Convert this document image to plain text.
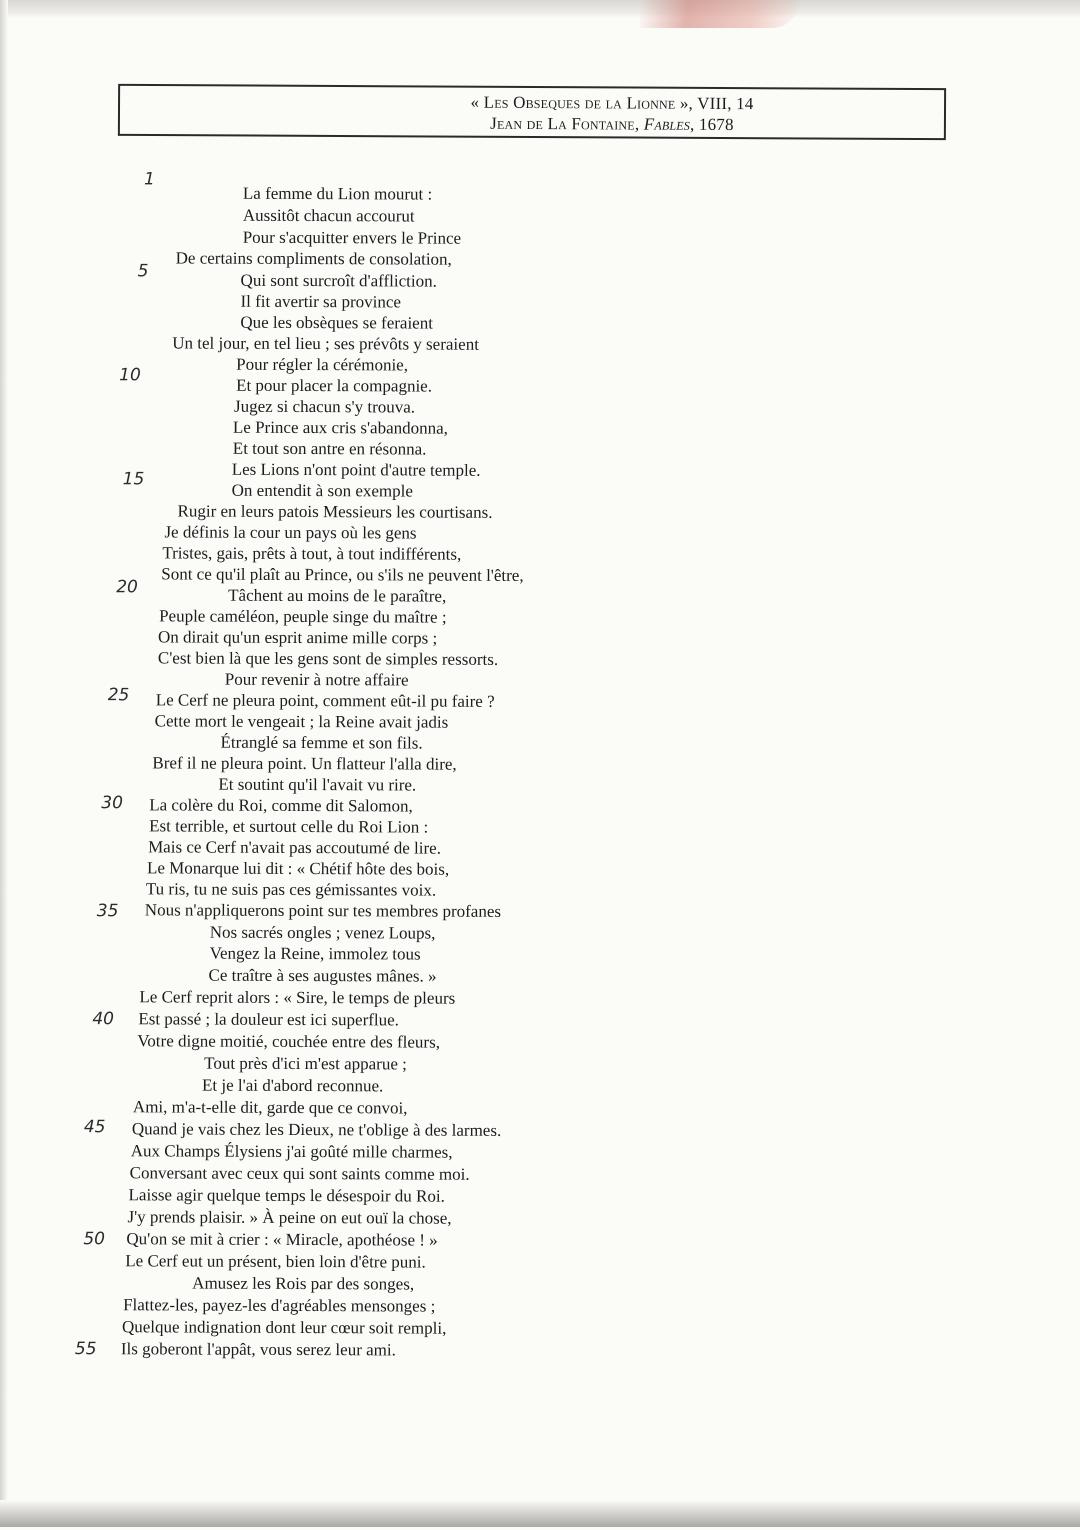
« Les Obseques de la Lionne », VIII, 14
Jean de La Fontaine, Fables, 1678
La femme du Lion mourut :
Aussitôt chacun accourut
Pour s'acquitter envers le Prince
De certains compliments de consolation,
Qui sont surcroît d'affliction.
Il fit avertir sa province
Que les obsèques se feraient
Un tel jour, en tel lieu ; ses prévôts y seraient
Pour régler la cérémonie,
Et pour placer la compagnie.
Jugez si chacun s'y trouva.
Le Prince aux cris s'abandonna,
Et tout son antre en résonna.
Les Lions n'ont point d'autre temple.
On entendit à son exemple
Rugir en leurs patois Messieurs les courtisans.
Je définis la cour un pays où les gens
Tristes, gais, prêts à tout, à tout indifférents,
Sont ce qu'il plaît au Prince, ou s'ils ne peuvent l'être,
Tâchent au moins de le paraître,
Peuple caméléon, peuple singe du maître ;
On dirait qu'un esprit anime mille corps ;
C'est bien là que les gens sont de simples ressorts.
Pour revenir à notre affaire
Le Cerf ne pleura point, comment eût-il pu faire ?
Cette mort le vengeait ; la Reine avait jadis
Étranglé sa femme et son fils.
Bref il ne pleura point. Un flatteur l'alla dire,
Et soutint qu'il l'avait vu rire.
La colère du Roi, comme dit Salomon,
Est terrible, et surtout celle du Roi Lion :
Mais ce Cerf n'avait pas accoutumé de lire.
Le Monarque lui dit : « Chétif hôte des bois,
Tu ris, tu ne suis pas ces gémissantes voix.
Nous n'appliquerons point sur tes membres profanes
Nos sacrés ongles ; venez Loups,
Vengez la Reine, immolez tous
Ce traître à ses augustes mânes. »
Le Cerf reprit alors : « Sire, le temps de pleurs
Est passé ; la douleur est ici superflue.
Votre digne moitié, couchée entre des fleurs,
Tout près d'ici m'est apparue ;
Et je l'ai d'abord reconnue.
Ami, m'a-t-elle dit, garde que ce convoi,
Quand je vais chez les Dieux, ne t'oblige à des larmes.
Aux Champs Élysiens j'ai goûté mille charmes,
Conversant avec ceux qui sont saints comme moi.
Laisse agir quelque temps le désespoir du Roi.
J'y prends plaisir. » À peine on eut ouï la chose,
Qu'on se mit à crier : « Miracle, apothéose ! »
Le Cerf eut un présent, bien loin d'être puni.
Amusez les Rois par des songes,
Flattez-les, payez-les d'agréables mensonges ;
Quelque indignation dont leur cœur soit rempli,
Ils goberont l'appât, vous serez leur ami.
1
5
10
15
20
25
30
35
40
45
50
55
